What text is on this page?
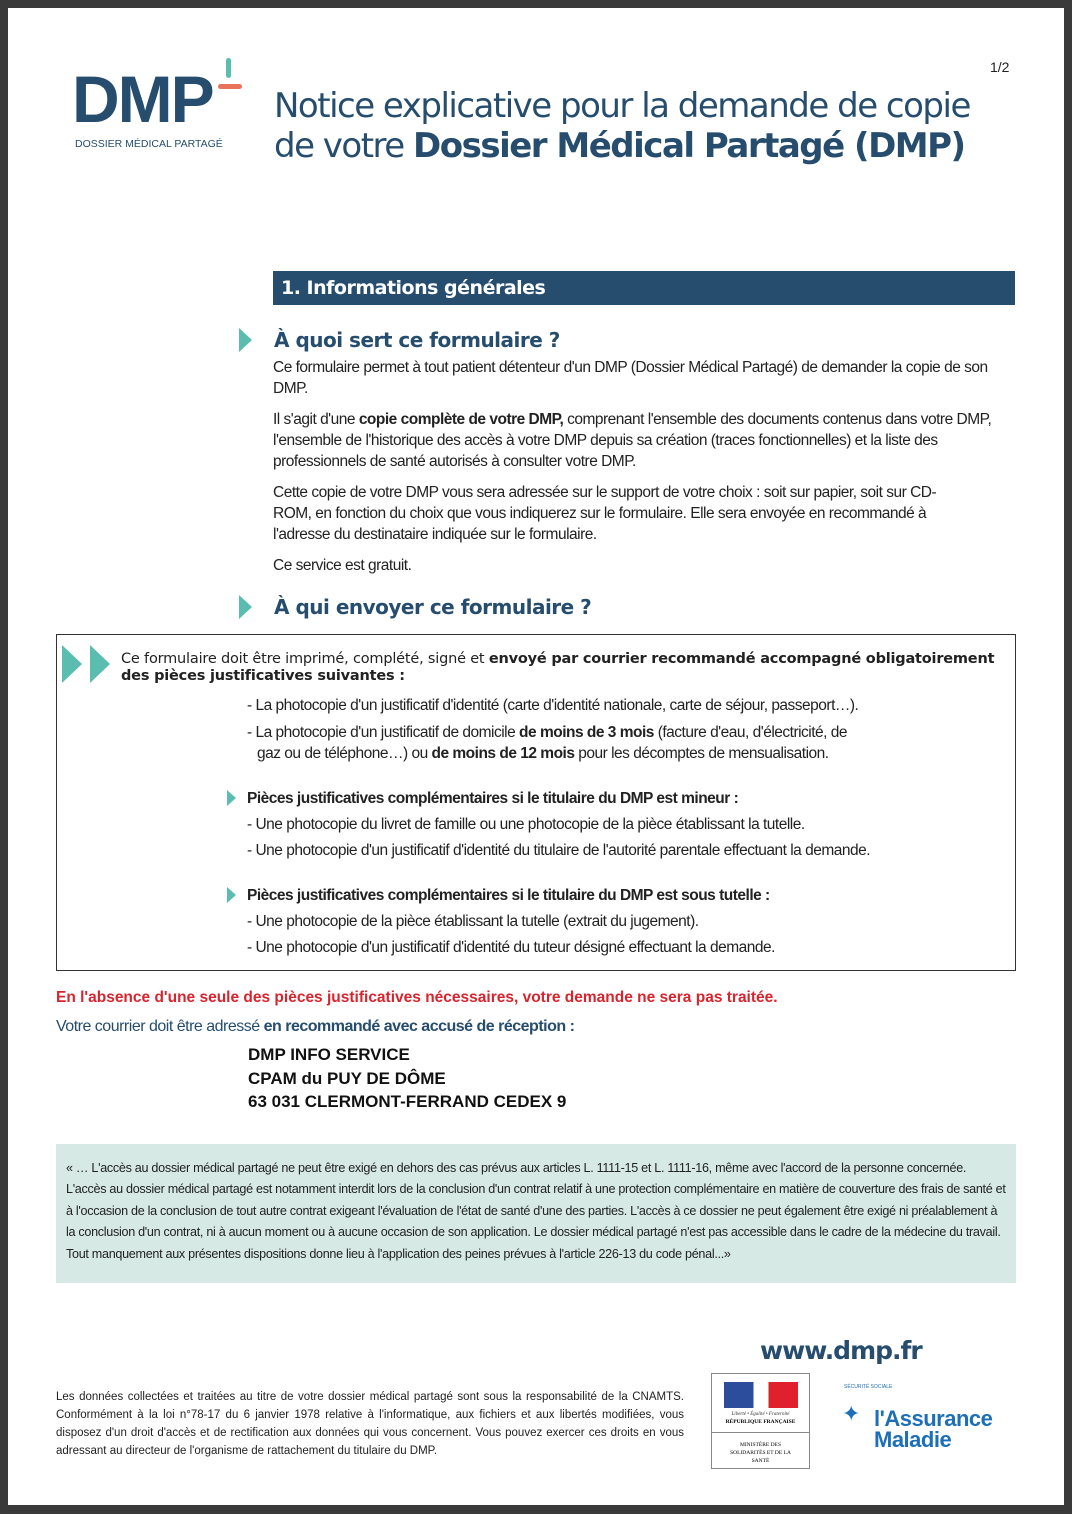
DMP
DOSSIER MÉDICAL PARTAGÉ
1/2
Notice explicative pour la demande de copie
de votre Dossier Médical Partagé (DMP)
1. Informations générales
À quoi sert ce formulaire ?

Ce formulaire permet à tout patient détenteur d'un DMP (Dossier Médical Partagé) de demander la copie de son DMP.

Il s'agit d'une copie complète de votre DMP, comprenant l'ensemble des documents contenus dans votre DMP, l'ensemble de l'historique des accès à votre DMP depuis sa création (traces fonctionnelles) et la liste des professionnels de santé autorisés à consulter votre DMP.

Cette copie de votre DMP vous sera adressée sur le support de votre choix : soit sur papier, soit sur CD-ROM, en fonction du choix que vous indiquerez sur le formulaire. Elle sera envoyée en recommandé à l'adresse du destinataire indiquée sur le formulaire.

Ce service est gratuit.

À qui envoyer ce formulaire ?
Ce formulaire doit être imprimé, complété, signé et envoyé par courrier recommandé accompagné obligatoirement des pièces justificatives suivantes :

- La photocopie d'un justificatif d'identité (carte d'identité nationale, carte de séjour, passeport…).

- La photocopie d'un justificatif de domicile de moins de 3 mois (facture d'eau, d'électricité, de gaz ou de téléphone…) ou de moins de 12 mois pour les décomptes de mensualisation.

Pièces justificatives complémentaires si le titulaire du DMP est mineur :

- Une photocopie du livret de famille ou une photocopie de la pièce établissant la tutelle.

- Une photocopie d'un justificatif d'identité du titulaire de l'autorité parentale effectuant la demande.

Pièces justificatives complémentaires si le titulaire du DMP est sous tutelle :

- Une photocopie de la pièce établissant la tutelle (extrait du jugement).

- Une photocopie d'un justificatif d'identité du tuteur désigné effectuant la demande.

En l'absence d'une seule des pièces justificatives nécessaires, votre demande ne sera pas traitée.
Votre courrier doit être adressé en recommandé avec accusé de réception :
DMP INFO SERVICE
CPAM du PUY DE DÔME
63 031 CLERMONT-FERRAND CEDEX 9
« … L'accès au dossier médical partagé ne peut être exigé en dehors des cas prévus aux articles L. 1111-15 et L. 1111-16, même avec l'accord de la personne concernée. L'accès au dossier médical partagé est notamment interdit lors de la conclusion d'un contrat relatif à une protection complémentaire en matière de couverture des frais de santé et à l'occasion de la conclusion de tout autre contrat exigeant l'évaluation de l'état de santé d'une des parties. L'accès à ce dossier ne peut également être exigé ni préalablement à la conclusion d'un contrat, ni à aucun moment ou à aucune occasion de son application. Le dossier médical partagé n'est pas accessible dans le cadre de la médecine du travail. Tout manquement aux présentes dispositions donne lieu à l'application des peines prévues à l'article 226-13 du code pénal...»
Les données collectées et traitées au titre de votre dossier médical partagé sont sous la responsabilité de la CNAMTS. Conformément à la loi n°78-17 du 6 janvier 1978 relative à l'informatique, aux fichiers et aux libertés modifiées, vous disposez d'un droit d'accès et de rectification aux données qui vous concernent. Vous pouvez exercer ces droits en vous adressant au directeur de l'organisme de rattachement du titulaire du DMP.
www.dmp.fr
Liberté • Égalité • Fraternité
RÉPUBLIQUE FRANÇAISE
MINISTÈRE DES SOLIDARITÉS ET DE LA SANTÉ
SÉCURITÉ SOCIALE
✦ l'Assurance
Maladie
